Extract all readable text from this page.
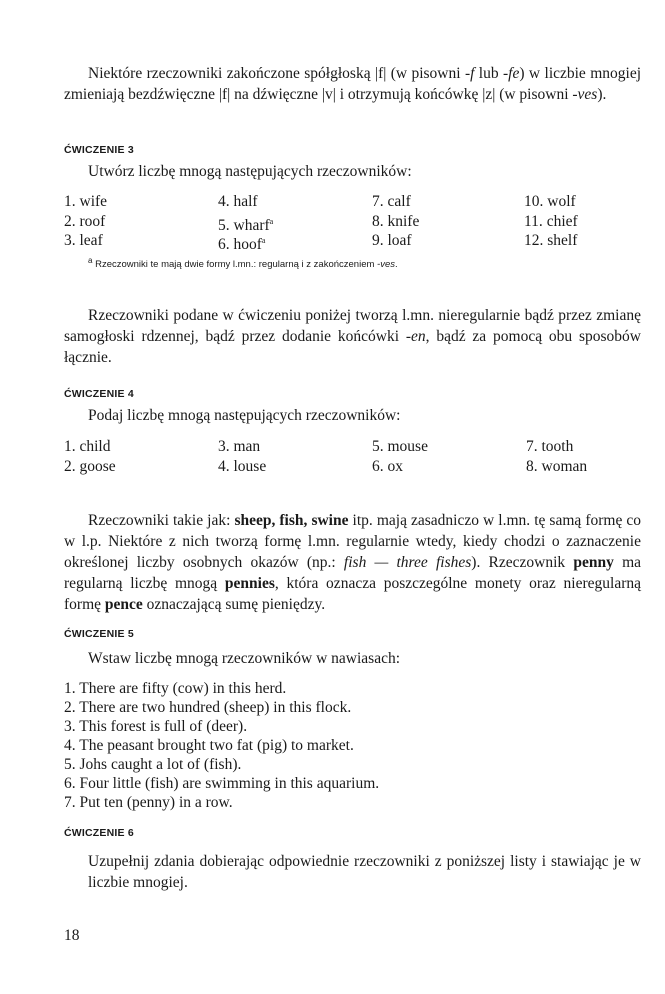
Niektóre rzeczowniki zakończone spółgłoską |f| (w pisowni -f lub -fe) w liczbie mnogiej zmieniają bezdźwięczne |f| na dźwięczne |v| i otrzymują końcówkę |z| (w pisowni -ves).
ĆWICZENIE 3
Utwórz liczbę mnogą następujących rzeczowników:
1. wife
2. roof
3. leaf
4. half
5. wharf$^a$
6. hoof$^a$
7. calf
8. knife
9. loaf
10. wolf
11. chief
12. shelf
$^a$ Rzeczowniki te mają dwie formy l.mn.: regularną i z zakończeniem -ves.
Rzeczowniki podane w ćwiczeniu poniżej tworzą l.mn. nieregularnie bądź przez zmianę samogłoski rdzennej, bądź przez dodanie końcówki -en, bądź za pomocą obu sposobów łącznie.
ĆWICZENIE 4
Podaj liczbę mnogą następujących rzeczowników:
1. child
2. goose
3. man
4. louse
5. mouse
6. ox
7. tooth
8. woman
Rzeczowniki takie jak: sheep, fish, swine itp. mają zasadniczo w l.mn. tę samą formę co w l.p. Niektóre z nich tworzą formę l.mn. regularnie wtedy, kiedy chodzi o zaznaczenie określonej liczby osobnych okazów (np.: fish — three fishes). Rzeczownik penny ma regularną liczbę mnogą pennies, która oznacza poszczególne monety oraz nieregularną formę pence oznaczającą sumę pieniędzy.
ĆWICZENIE 5
Wstaw liczbę mnogą rzeczowników w nawiasach:
1. There are fifty (cow) in this herd.
2. There are two hundred (sheep) in this flock.
3. This forest is full of (deer).
4. The peasant brought two fat (pig) to market.
5. Johs caught a lot of (fish).
6. Four little (fish) are swimming in this aquarium.
7. Put ten (penny) in a row.
ĆWICZENIE 6
Uzupełnij zdania dobierając odpowiednie rzeczowniki z poniższej listy i stawiając je w liczbie mnogiej.
18
